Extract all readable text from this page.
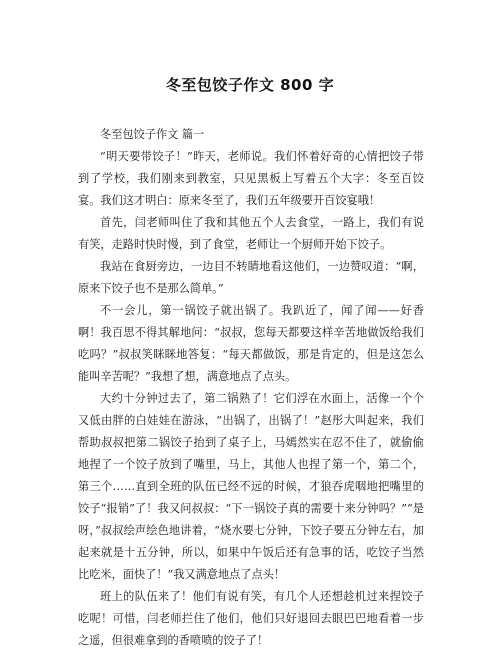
冬至包饺子作文 800 字

冬至包饺子作文 篇一

“明天要带饺子！”昨天，老师说。我们怀着好奇的心情把饺子带到了学校，我们刚来到教室，只见黑板上写着五个大字：冬至百饺宴。我们这才明白：原来冬至了，我们五年级要开百饺宴哦！

首先，闫老师叫住了我和其他五个人去食堂，一路上，我们有说有笑，走路时快时慢，到了食堂，老师让一个厨师开始下饺子。

我站在食厨旁边，一边目不转睛地看这他们，一边赞叹道：“啊，原来下饺子也不是那么简单。”

不一会儿，第一锅饺子就出锅了。我趴近了，闻了闻——好香啊！我百思不得其解地问：“叔叔，您每天都要这样辛苦地做饭给我们吃吗？”叔叔笑眯眯地答复：“每天都做饭，那是肯定的，但是这怎么能叫辛苦呢？”我想了想，满意地点了点头。

大约十分钟过去了，第二锅熟了！它们浮在水面上，活像一个个又低由胖的白娃娃在游泳，“出锅了，出锅了！”赵彤大叫起来，我们帮助叔叔把第二锅饺子抬到了桌子上，马嫣然实在忍不住了，就偷偷地捏了一个饺子放到了嘴里，马上，其他人也捏了第一个，第二个，第三个……直到全班的队伍已经不远的时候，才狼吞虎咽地把嘴里的饺子“报销”了！我又问叔叔：“下一锅饺子真的需要十来分钟吗？”“是呀，”叔叔绘声绘色地讲着，“烧水要七分钟，下饺子要五分钟左右，加起来就是十五分钟，所以，如果中午饭后还有急事的话，吃饺子当然比吃米，面快了！”我又满意地点了点头！

班上的队伍来了！他们有说有笑，有几个人还想趁机过来捏饺子吃呢！可惜，闫老师拦住了他们，他们只好退回去眼巴巴地看着一步之遥，但很难拿到的香喷喷的饺子了！
